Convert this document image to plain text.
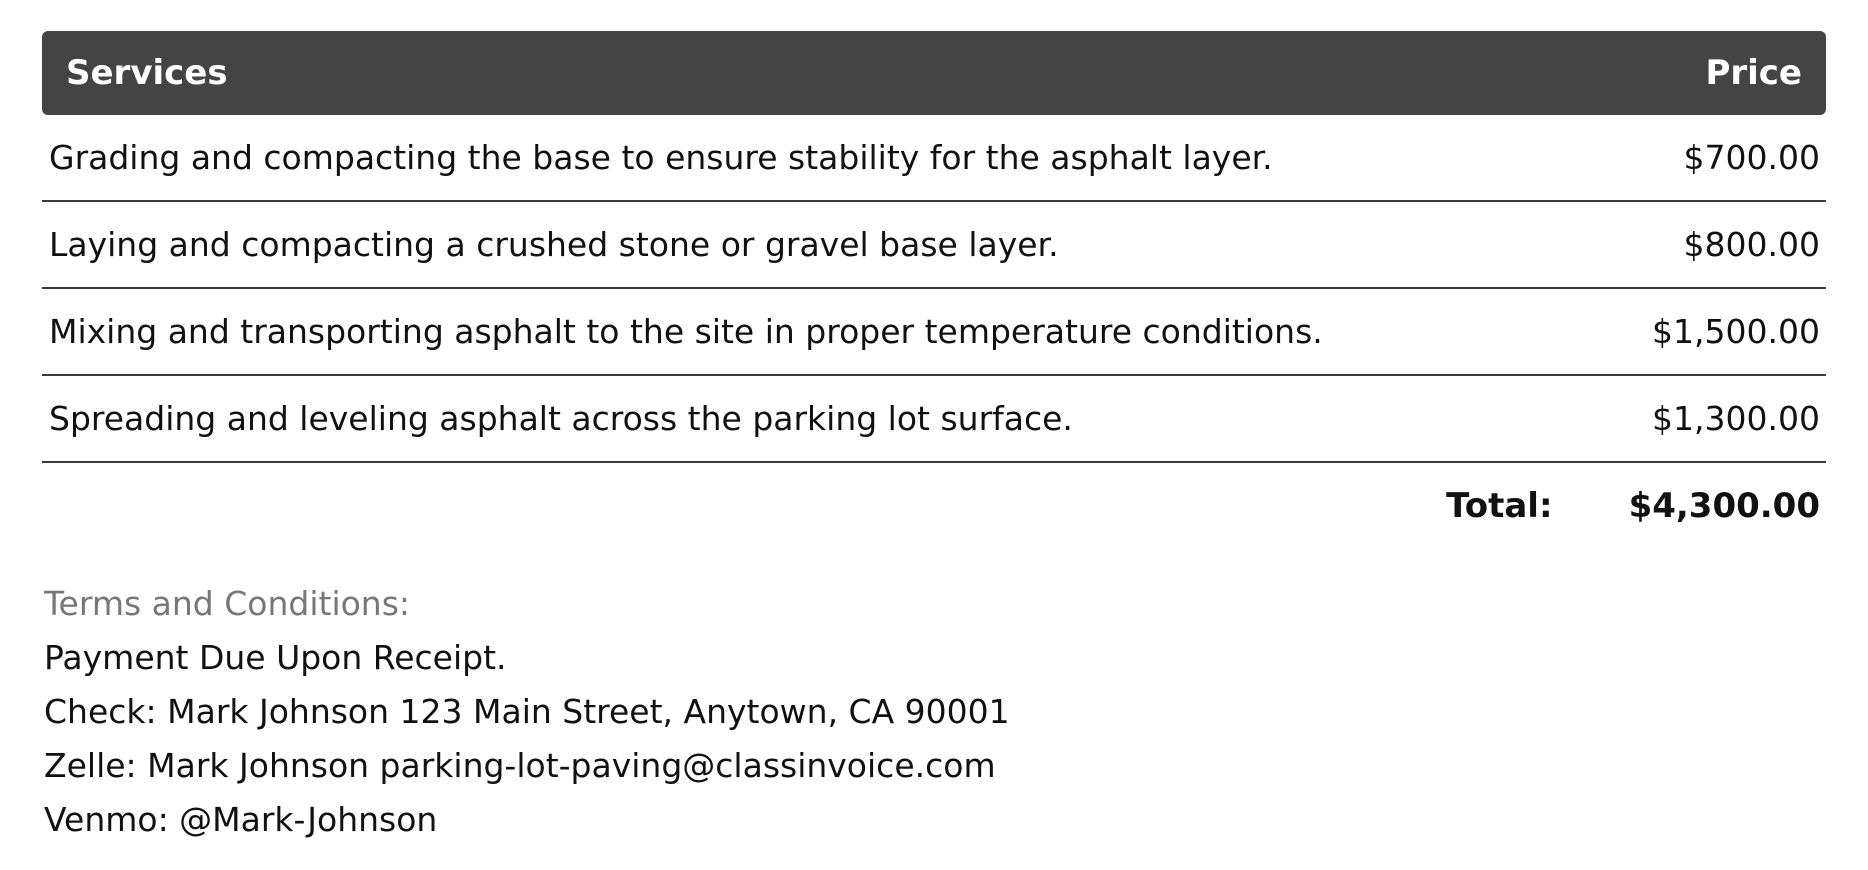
Services	Price
Grading and compacting the base to ensure stability for the asphalt layer.	$700.00
Laying and compacting a crushed stone or gravel base layer.	$800.00
Mixing and transporting asphalt to the site in proper temperature conditions.	$1,500.00
Spreading and leveling asphalt across the parking lot surface.	$1,300.00
Total: $4,300.00
Terms and Conditions:
Payment Due Upon Receipt.
Check: Mark Johnson 123 Main Street, Anytown, CA 90001
Zelle: Mark Johnson parking-lot-paving@classinvoice.com
Venmo: @Mark-Johnson
